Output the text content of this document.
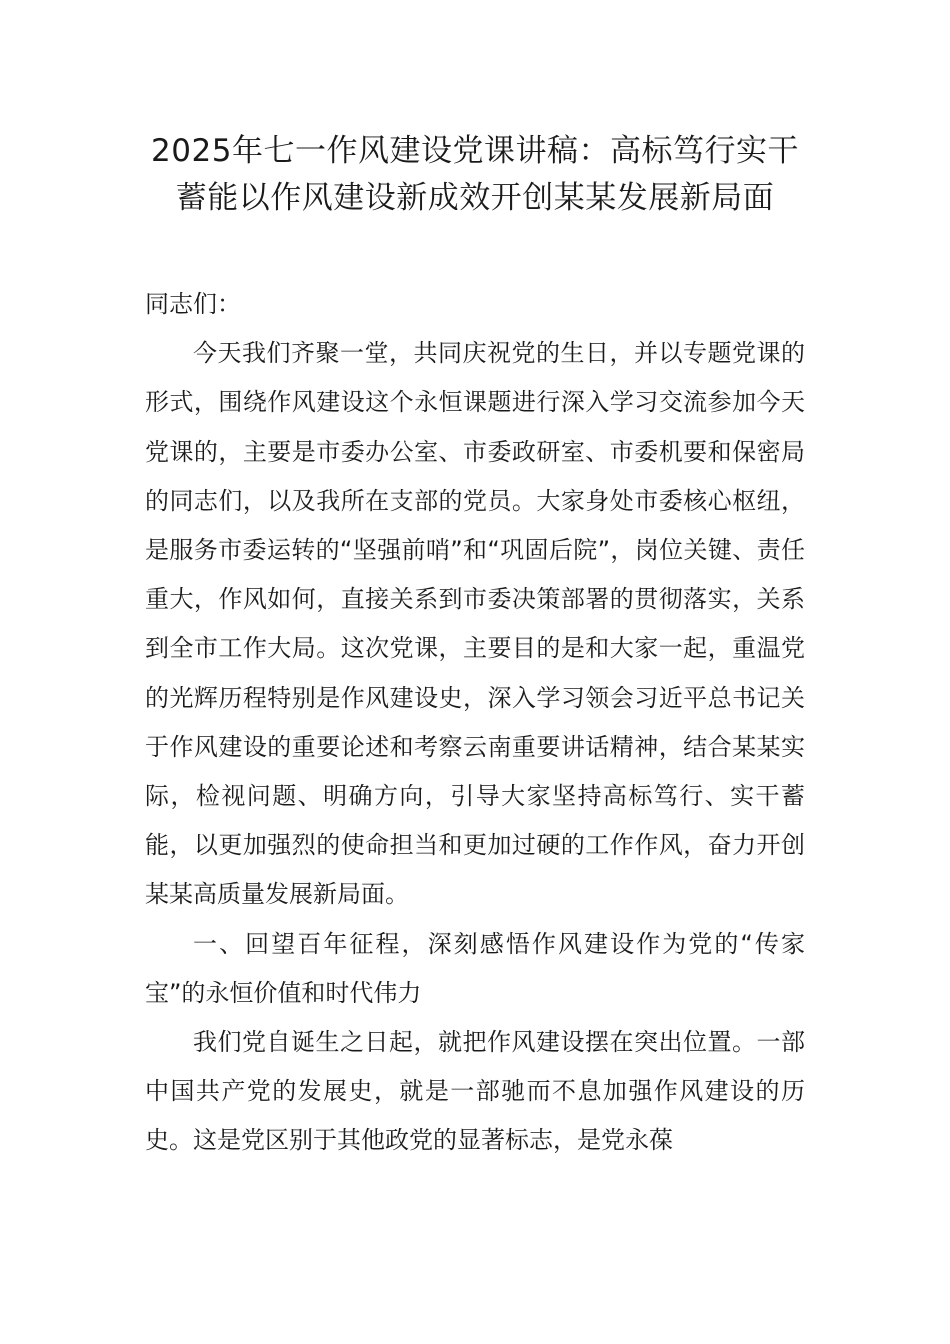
2025年七一作风建设党课讲稿：高标笃行实干蓄能以作风建设新成效开创某某发展新局面

同志们：

今天我们齐聚一堂，共同庆祝党的生日，并以专题党课的形式，围绕作风建设这个永恒课题进行深入学习交流参加今天党课的，主要是市委办公室、市委政研室、市委机要和保密局的同志们，以及我所在支部的党员。大家身处市委核心枢纽，是服务市委运转的“坚强前哨”和“巩固后院”，岗位关键、责任重大，作风如何，直接关系到市委决策部署的贯彻落实，关系到全市工作大局。这次党课，主要目的是和大家一起，重温党的光辉历程特别是作风建设史，深入学习领会习近平总书记关于作风建设的重要论述和考察云南重要讲话精神，结合某某实际，检视问题、明确方向，引导大家坚持高标笃行、实干蓄能，以更加强烈的使命担当和更加过硬的工作作风，奋力开创某某高质量发展新局面。

一、回望百年征程，深刻感悟作风建设作为党的“传家宝”的永恒价值和时代伟力

我们党自诞生之日起，就把作风建设摆在突出位置。一部中国共产党的发展史，就是一部驰而不息加强作风建设的历史。这是党区别于其他政党的显著标志，是党永葆
